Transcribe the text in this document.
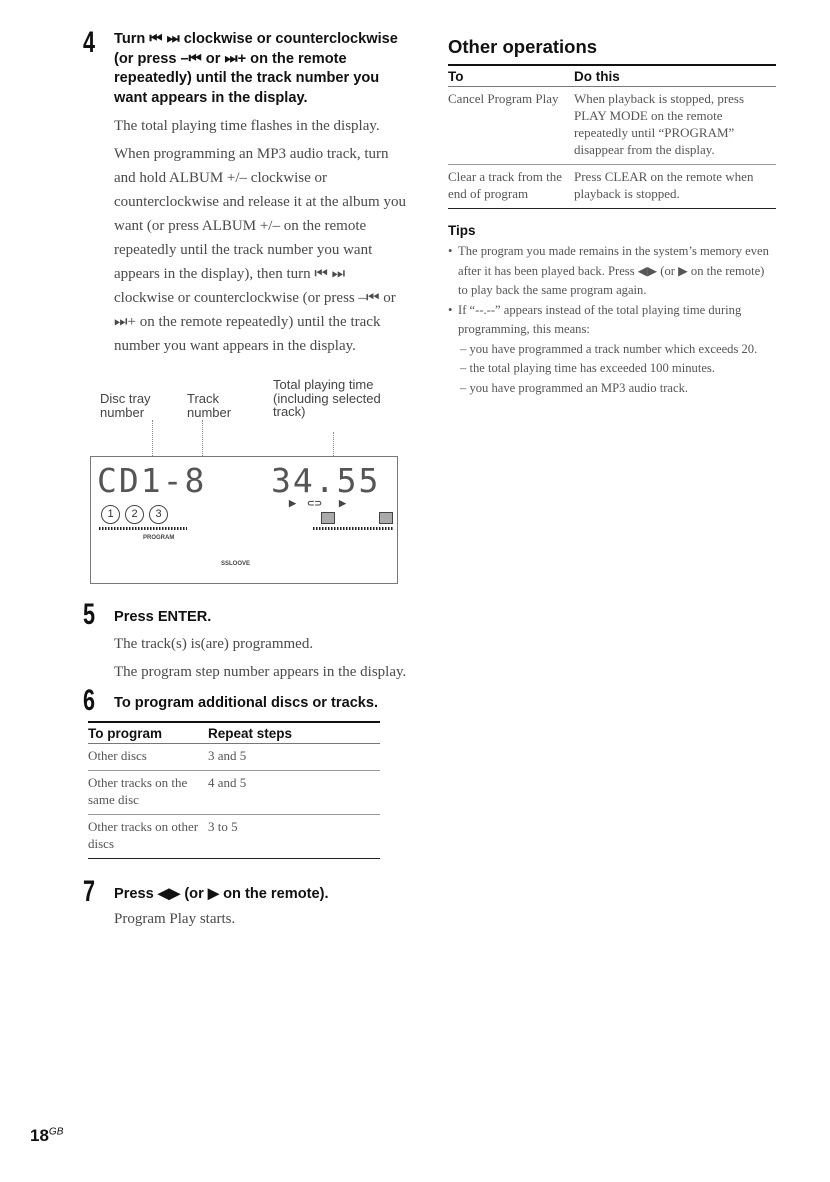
4 Turn ⏮ ⏭ clockwise or counterclockwise (or press –⏮ or ⏭+ on the remote repeatedly) until the track number you want appears in the display.

The total playing time flashes in the display.

When programming an MP3 audio track, turn and hold ALBUM +/– clockwise or counterclockwise and release it at the album you want (or press ALBUM +/– on the remote repeatedly until the track number you want appears in the display), then turn ⏮ ⏭ clockwise or counterclockwise (or press –⏮ or ⏭+ on the remote repeatedly) until the track number you want appears in the display.

Disc tray number
Track number
Total playing time (including selected track)
CD1-8 34.55
1	2	3
▶ ⊂⊃ ▶
PROGRAM
SSLOOVE
5 Press ENTER.

The track(s) is(are) programmed.

The program step number appears in the display.

6 To program additional discs or tracks.
To program	Repeat steps
Other discs	3 and 5
Other tracks on the same disc	4 and 5
Other tracks on other discs	3 to 5
7 Press ◀▶ (or ▶ on the remote).

Program Play starts.

Other operations
To	Do this
Cancel Program Play	When playback is stopped, press PLAY MODE on the remote repeatedly until “PROGRAM” disappear from the display.
Clear a track from the end of program	Press CLEAR on the remote when playback is stopped.
Tips

• The program you made remains in the system’s memory even after it has been played back. Press ◀▶ (or ▶ on the remote) to play back the same program again.

• If “--.--” appears instead of the total playing time during programming, this means:

– you have programmed a track number which exceeds 20.

– the total playing time has exceeded 100 minutes.

– you have programmed an MP3 audio track.

$18^{GB}$
